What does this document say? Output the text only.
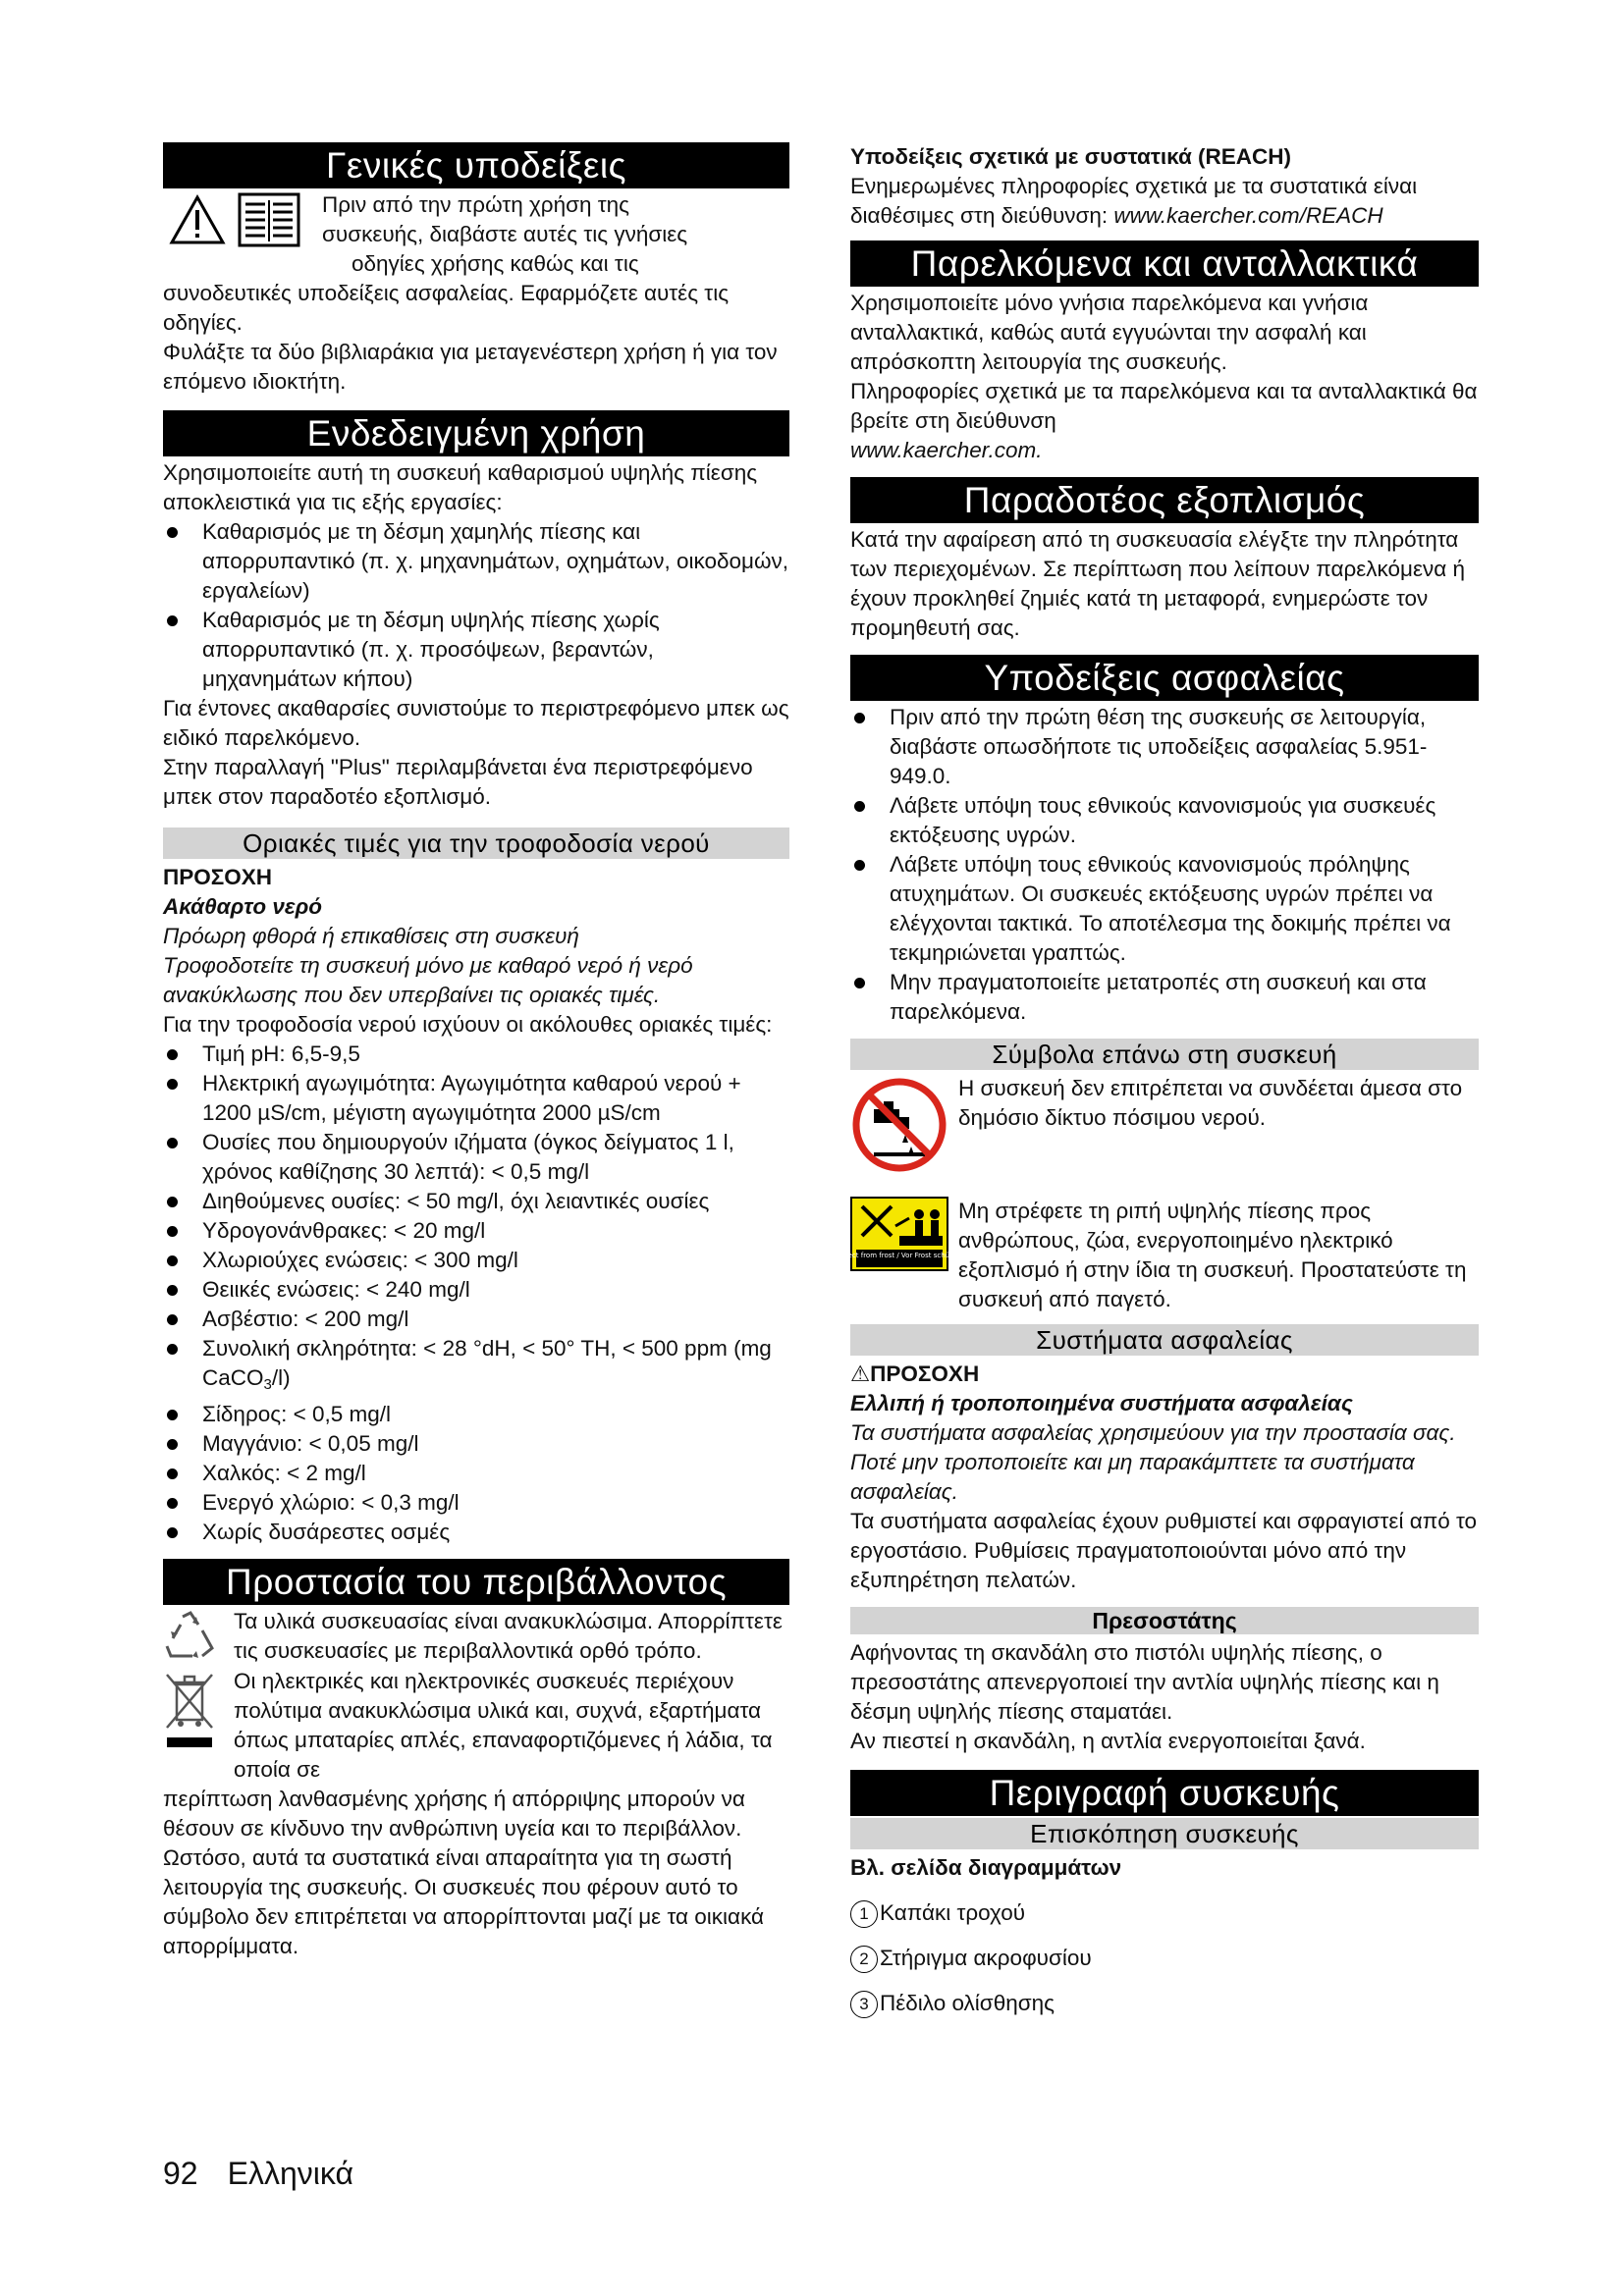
Γενικές υποδείξεις

Πριν από την πρώτη χρήση της

συσκευής, διαβάστε αυτές τις γνήσιες

οδηγίες χρήσης καθώς και τις

συνοδευτικές υποδείξεις ασφαλείας. Εφαρμόζετε αυτές τις οδηγίες.

Φυλάξτε τα δύο βιβλιαράκια για μεταγενέστερη χρήση ή για τον επόμενο ιδιοκτήτη.

Ενδεδειγμένη χρήση

Χρησιμοποιείτε αυτή τη συσκευή καθαρισμού υψηλής πίεσης αποκλειστικά για τις εξής εργασίες:

Καθαρισμός με τη δέσμη χαμηλής πίεσης και απορρυπαντικό (π. χ. μηχανημάτων, οχημάτων, οικοδομών, εργαλείων)
Καθαρισμός με τη δέσμη υψηλής πίεσης χωρίς απορρυπαντικό (π. χ. προσόψεων, βεραντών, μηχανημάτων κήπου)

Για έντονες ακαθαρσίες συνιστούμε το περιστρεφόμενο μπεκ ως ειδικό παρελκόμενο.

Στην παραλλαγή "Plus" περιλαμβάνεται ένα περιστρεφόμενο μπεκ στον παραδοτέο εξοπλισμό.

Οριακές τιμές για την τροφοδοσία νερού

ΠΡΟΣΟΧΗ

Ακάθαρτο νερό

Πρόωρη φθορά ή επικαθίσεις στη συσκευή

Τροφοδοτείτε τη συσκευή μόνο με καθαρό νερό ή νερό ανακύκλωσης που δεν υπερβαίνει τις οριακές τιμές.

Για την τροφοδοσία νερού ισχύουν οι ακόλουθες οριακές τιμές:

Τιμή pH: 6,5-9,5
Ηλεκτρική αγωγιμότητα: Αγωγιμότητα καθαρού νερού + 1200 µS/cm, μέγιστη αγωγιμότητα 2000 µS/cm
Ουσίες που δημιουργούν ιζήματα (όγκος δείγματος 1 l, χρόνος καθίζησης 30 λεπτά): < 0,5 mg/l
Διηθούμενες ουσίες: < 50 mg/l, όχι λειαντικές ουσίες
Υδρογονάνθρακες: < 20 mg/l
Χλωριούχες ενώσεις: < 300 mg/l
Θειικές ενώσεις: < 240 mg/l
Ασβέστιο: < 200 mg/l
Συνολική σκληρότητα: < 28 °dH, < 50° TH, < 500 ppm (mg CaCO$_3$/l)
Σίδηρος: < 0,5 mg/l
Μαγγάνιο: < 0,05 mg/l
Χαλκός: < 2 mg/l
Ενεργό χλώριο: < 0,3 mg/l
Χωρίς δυσάρεστες οσμές
Προστασία του περιβάλλοντος

Τα υλικά συσκευασίας είναι ανακυκλώσιμα. Απορρίπτετε τις συσκευασίες με περιβαλλοντικά ορθό τρόπο.

Οι ηλεκτρικές και ηλεκτρονικές συσκευές περιέχουν πολύτιμα ανακυκλώσιμα υλικά και, συχνά, εξαρτήματα όπως μπαταρίες απλές, επαναφορτιζόμενες ή λάδια, τα οποία σε

περίπτωση λανθασμένης χρήσης ή απόρριψης μπορούν να θέσουν σε κίνδυνο την ανθρώπινη υγεία και το περιβάλλον. Ωστόσο, αυτά τα συστατικά είναι απαραίτητα για τη σωστή λειτουργία της συσκευής. Οι συσκευές που φέρουν αυτό το σύμβολο δεν επιτρέπεται να απορρίπτονται μαζί με τα οικιακά απορρίμματα.

Υποδείξεις σχετικά με συστατικά (REACH)

Ενημερωμένες πληροφορίες σχετικά με τα συστατικά είναι διαθέσιμες στη διεύθυνση: www.kaercher.com/REACH

Παρελκόμενα και ανταλλακτικά

Χρησιμοποιείτε μόνο γνήσια παρελκόμενα και γνήσια ανταλλακτικά, καθώς αυτά εγγυώνται την ασφαλή και απρόσκοπτη λειτουργία της συσκευής.

Πληροφορίες σχετικά με τα παρελκόμενα και τα ανταλλακτικά θα βρείτε στη διεύθυνση

www.kaercher.com.

Παραδοτέος εξοπλισμός

Κατά την αφαίρεση από τη συσκευασία ελέγξτε την πληρότητα των περιεχομένων. Σε περίπτωση που λείπουν παρελκόμενα ή έχουν προκληθεί ζημιές κατά τη μεταφορά, ενημερώστε τον προμηθευτή σας.

Υποδείξεις ασφαλείας
Πριν από την πρώτη θέση της συσκευής σε λειτουργία, διαβάστε οπωσδήποτε τις υποδείξεις ασφαλείας 5.951-949.0.
Λάβετε υπόψη τους εθνικούς κανονισμούς για συσκευές εκτόξευσης υγρών.
Λάβετε υπόψη τους εθνικούς κανονισμούς πρόληψης ατυχημάτων. Οι συσκευές εκτόξευσης υγρών πρέπει να ελέγχονται τακτικά. Το αποτέλεσμα της δοκιμής πρέπει να τεκμηριώνεται γραπτώς.
Μην πραγματοποιείτε μετατροπές στη συσκευή και στα παρελκόμενα.
Σύμβολα επάνω στη συσκευή

Η συσκευή δεν επιτρέπεται να συνδέεται άμεσα στο δημόσιο δίκτυο πόσιμου νερού.

Protect from frost / Vor Frost schützen

Μη στρέφετε τη ριπή υψηλής πίεσης προς ανθρώπους, ζώα, ενεργοποιημένο ηλεκτρικό εξοπλισμό ή στην ίδια τη συσκευή. Προστατεύστε τη συσκευή από παγετό.

Συστήματα ασφαλείας

⚠ΠΡΟΣΟΧΗ

Ελλιπή ή τροποποιημένα συστήματα ασφαλείας

Τα συστήματα ασφαλείας χρησιμεύουν για την προστασία σας.

Ποτέ μην τροποποιείτε και μη παρακάμπτετε τα συστήματα ασφαλείας.

Τα συστήματα ασφαλείας έχουν ρυθμιστεί και σφραγιστεί από το εργοστάσιο. Ρυθμίσεις πραγματοποιούνται μόνο από την εξυπηρέτηση πελατών.

Πρεσοστάτης

Αφήνοντας τη σκανδάλη στο πιστόλι υψηλής πίεσης, ο πρεσοστάτης απενεργοποιεί την αντλία υψηλής πίεσης και η δέσμη υψηλής πίεσης σταματάει.

Αν πιεστεί η σκανδάλη, η αντλία ενεργοποιείται ξανά.

Περιγραφή συσκευής
Επισκόπηση συσκευής

Βλ. σελίδα διαγραμμάτων

1 Καπάκι τροχού
2 Στήριγμα ακροφυσίου
3 Πέδιλο ολίσθησης
92 Ελληνικά
